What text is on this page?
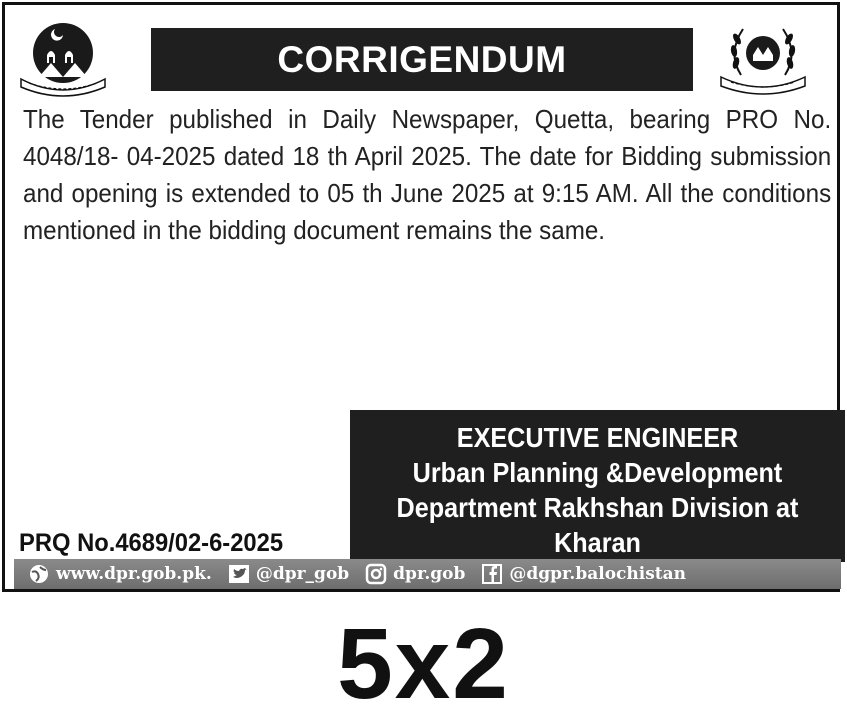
CORRIGENDUM
The Tender published in Daily Newspaper, Quetta, bearing PRO No. 4048/18- 04-2025 dated 18 th April 2025. The date for Bidding submission and opening is extended to 05 th June 2025 at 9:15 AM. All the conditions mentioned in the bidding document remains the same.
EXECUTIVE ENGINEER
Urban Planning &Development
Department Rakhshan Division at
Kharan
PRQ No.4689/02-6-2025
www.dpr.gob.pk.	@dpr_gob	dpr.gob	@dgpr.balochistan
5x2
